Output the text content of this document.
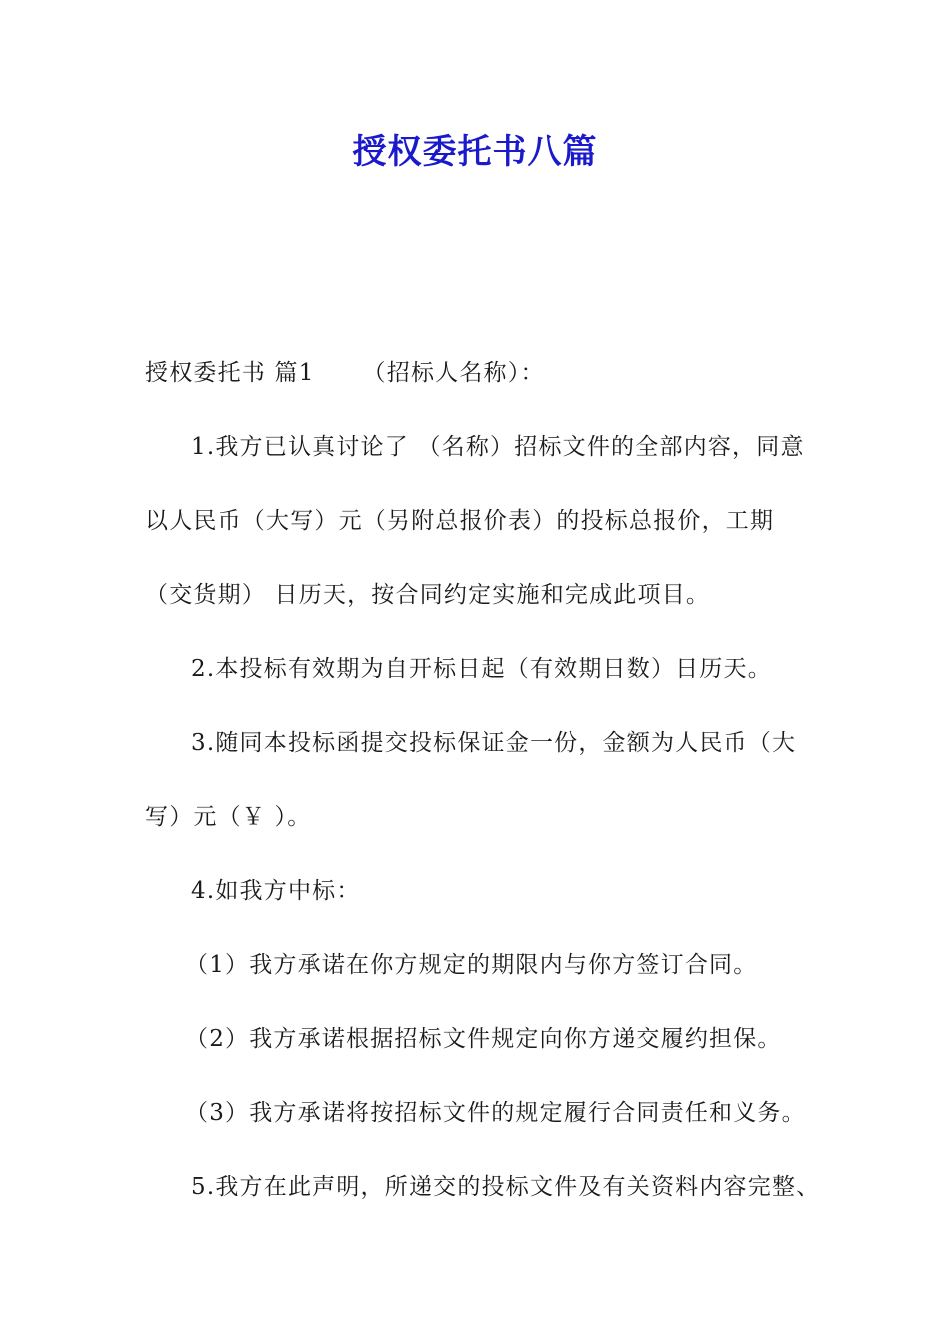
授权委托书八篇
授权委托书 篇1 （招标人名称）：
1.我方已认真讨论了 （名称）招标文件的全部内容，同意
以人民币（大写）元（另附总报价表）的投标总报价，工期
（交货期） 日历天，按合同约定实施和完成此项目。
2.本投标有效期为自开标日起（有效期日数）日历天。
3.随同本投标函提交投标保证金一份，金额为人民币（大
写）元（￥ ）。
4.如我方中标：
（1）我方承诺在你方规定的期限内与你方签订合同。
（2）我方承诺根据招标文件规定向你方递交履约担保。
（3）我方承诺将按招标文件的规定履行合同责任和义务。
5.我方在此声明，所递交的投标文件及有关资料内容完整、
